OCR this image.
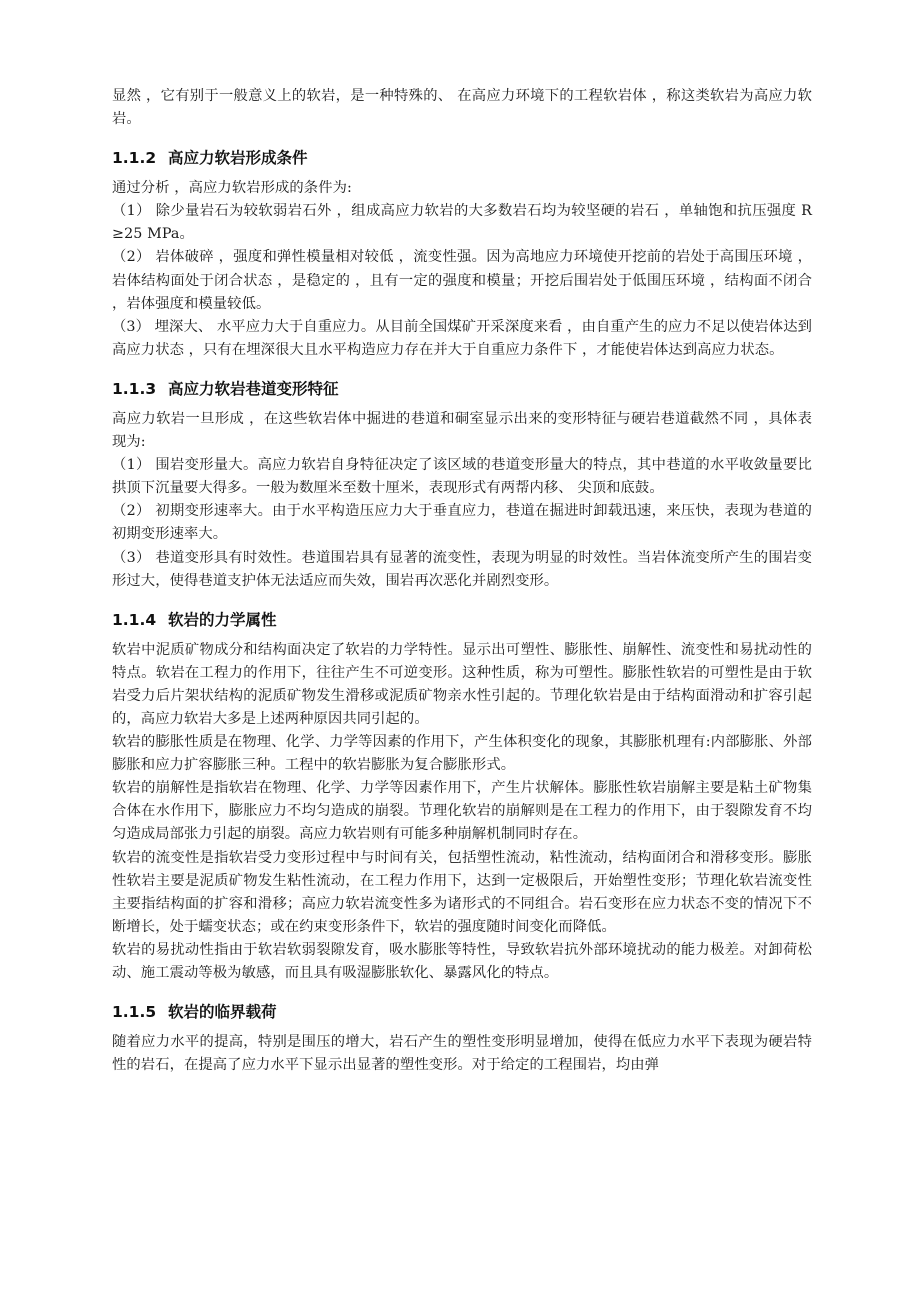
显然 ，它有别于一般意义上的软岩，是一种特殊的、 在高应力环境下的工程软岩体 ，称这类软岩为高应力软岩。

1.1.2 高应力软岩形成条件

通过分析 ，高应力软岩形成的条件为:

（1） 除少量岩石为较软弱岩石外 ，组成高应力软岩的大多数岩石均为较坚硬的岩石 ，单轴饱和抗压强度 R ≥25 MPa。

（2） 岩体破碎 ，强度和弹性模量相对较低 ，流变性强。因为高地应力环境使开挖前的岩处于高围压环境 ，岩体结构面处于闭合状态 ，是稳定的 ，且有一定的强度和模量；开挖后围岩处于低围压环境 ，结构面不闭合 ，岩体强度和模量较低。

（3） 埋深大、 水平应力大于自重应力。从目前全国煤矿开采深度来看 ，由自重产生的应力不足以使岩体达到高应力状态 ，只有在埋深很大且水平构造应力存在并大于自重应力条件下 ，才能使岩体达到高应力状态。

1.1.3 高应力软岩巷道变形特征

高应力软岩一旦形成 ，在这些软岩体中掘进的巷道和硐室显示出来的变形特征与硬岩巷道截然不同 ，具体表现为:

（1） 围岩变形量大。高应力软岩自身特征决定了该区域的巷道变形量大的特点，其中巷道的水平收敛量要比拱顶下沉量要大得多。一般为数厘米至数十厘米，表现形式有两帮内移、 尖顶和底鼓。

（2） 初期变形速率大。由于水平构造压应力大于垂直应力，巷道在掘进时卸载迅速，来压快，表现为巷道的初期变形速率大。

（3） 巷道变形具有时效性。巷道围岩具有显著的流变性，表现为明显的时效性。当岩体流变所产生的围岩变形过大，使得巷道支护体无法适应而失效，围岩再次恶化并剧烈变形。

1.1.4 软岩的力学属性

软岩中泥质矿物成分和结构面决定了软岩的力学特性。显示出可塑性、膨胀性、崩解性、流变性和易扰动性的特点。软岩在工程力的作用下，往往产生不可逆变形。这种性质，称为可塑性。膨胀性软岩的可塑性是由于软岩受力后片架状结构的泥质矿物发生滑移或泥质矿物亲水性引起的。节理化软岩是由于结构面滑动和扩容引起的，高应力软岩大多是上述两种原因共同引起的。

软岩的膨胀性质是在物理、化学、力学等因素的作用下，产生体积变化的现象，其膨胀机理有:内部膨胀、外部膨胀和应力扩容膨胀三种。工程中的软岩膨胀为复合膨胀形式。

软岩的崩解性是指软岩在物理、化学、力学等因素作用下，产生片状解体。膨胀性软岩崩解主要是粘土矿物集合体在水作用下，膨胀应力不均匀造成的崩裂。节理化软岩的崩解则是在工程力的作用下，由于裂隙发育不均匀造成局部张力引起的崩裂。高应力软岩则有可能多种崩解机制同时存在。

软岩的流变性是指软岩受力变形过程中与时间有关，包括塑性流动，粘性流动，结构面闭合和滑移变形。膨胀性软岩主要是泥质矿物发生粘性流动，在工程力作用下，达到一定极限后，开始塑性变形；节理化软岩流变性主要指结构面的扩容和滑移；高应力软岩流变性多为诸形式的不同组合。岩石变形在应力状态不变的情况下不断增长，处于蠕变状态；或在约束变形条件下，软岩的强度随时间变化而降低。

软岩的易扰动性指由于软岩软弱裂隙发育，吸水膨胀等特性，导致软岩抗外部环境扰动的能力极差。对卸荷松动、施工震动等极为敏感，而且具有吸湿膨胀软化、暴露风化的特点。

1.1.5 软岩的临界载荷

随着应力水平的提高，特别是围压的增大，岩石产生的塑性变形明显增加，使得在低应力水平下表现为硬岩特性的岩石，在提高了应力水平下显示出显著的塑性变形。对于给定的工程围岩，均由弹
